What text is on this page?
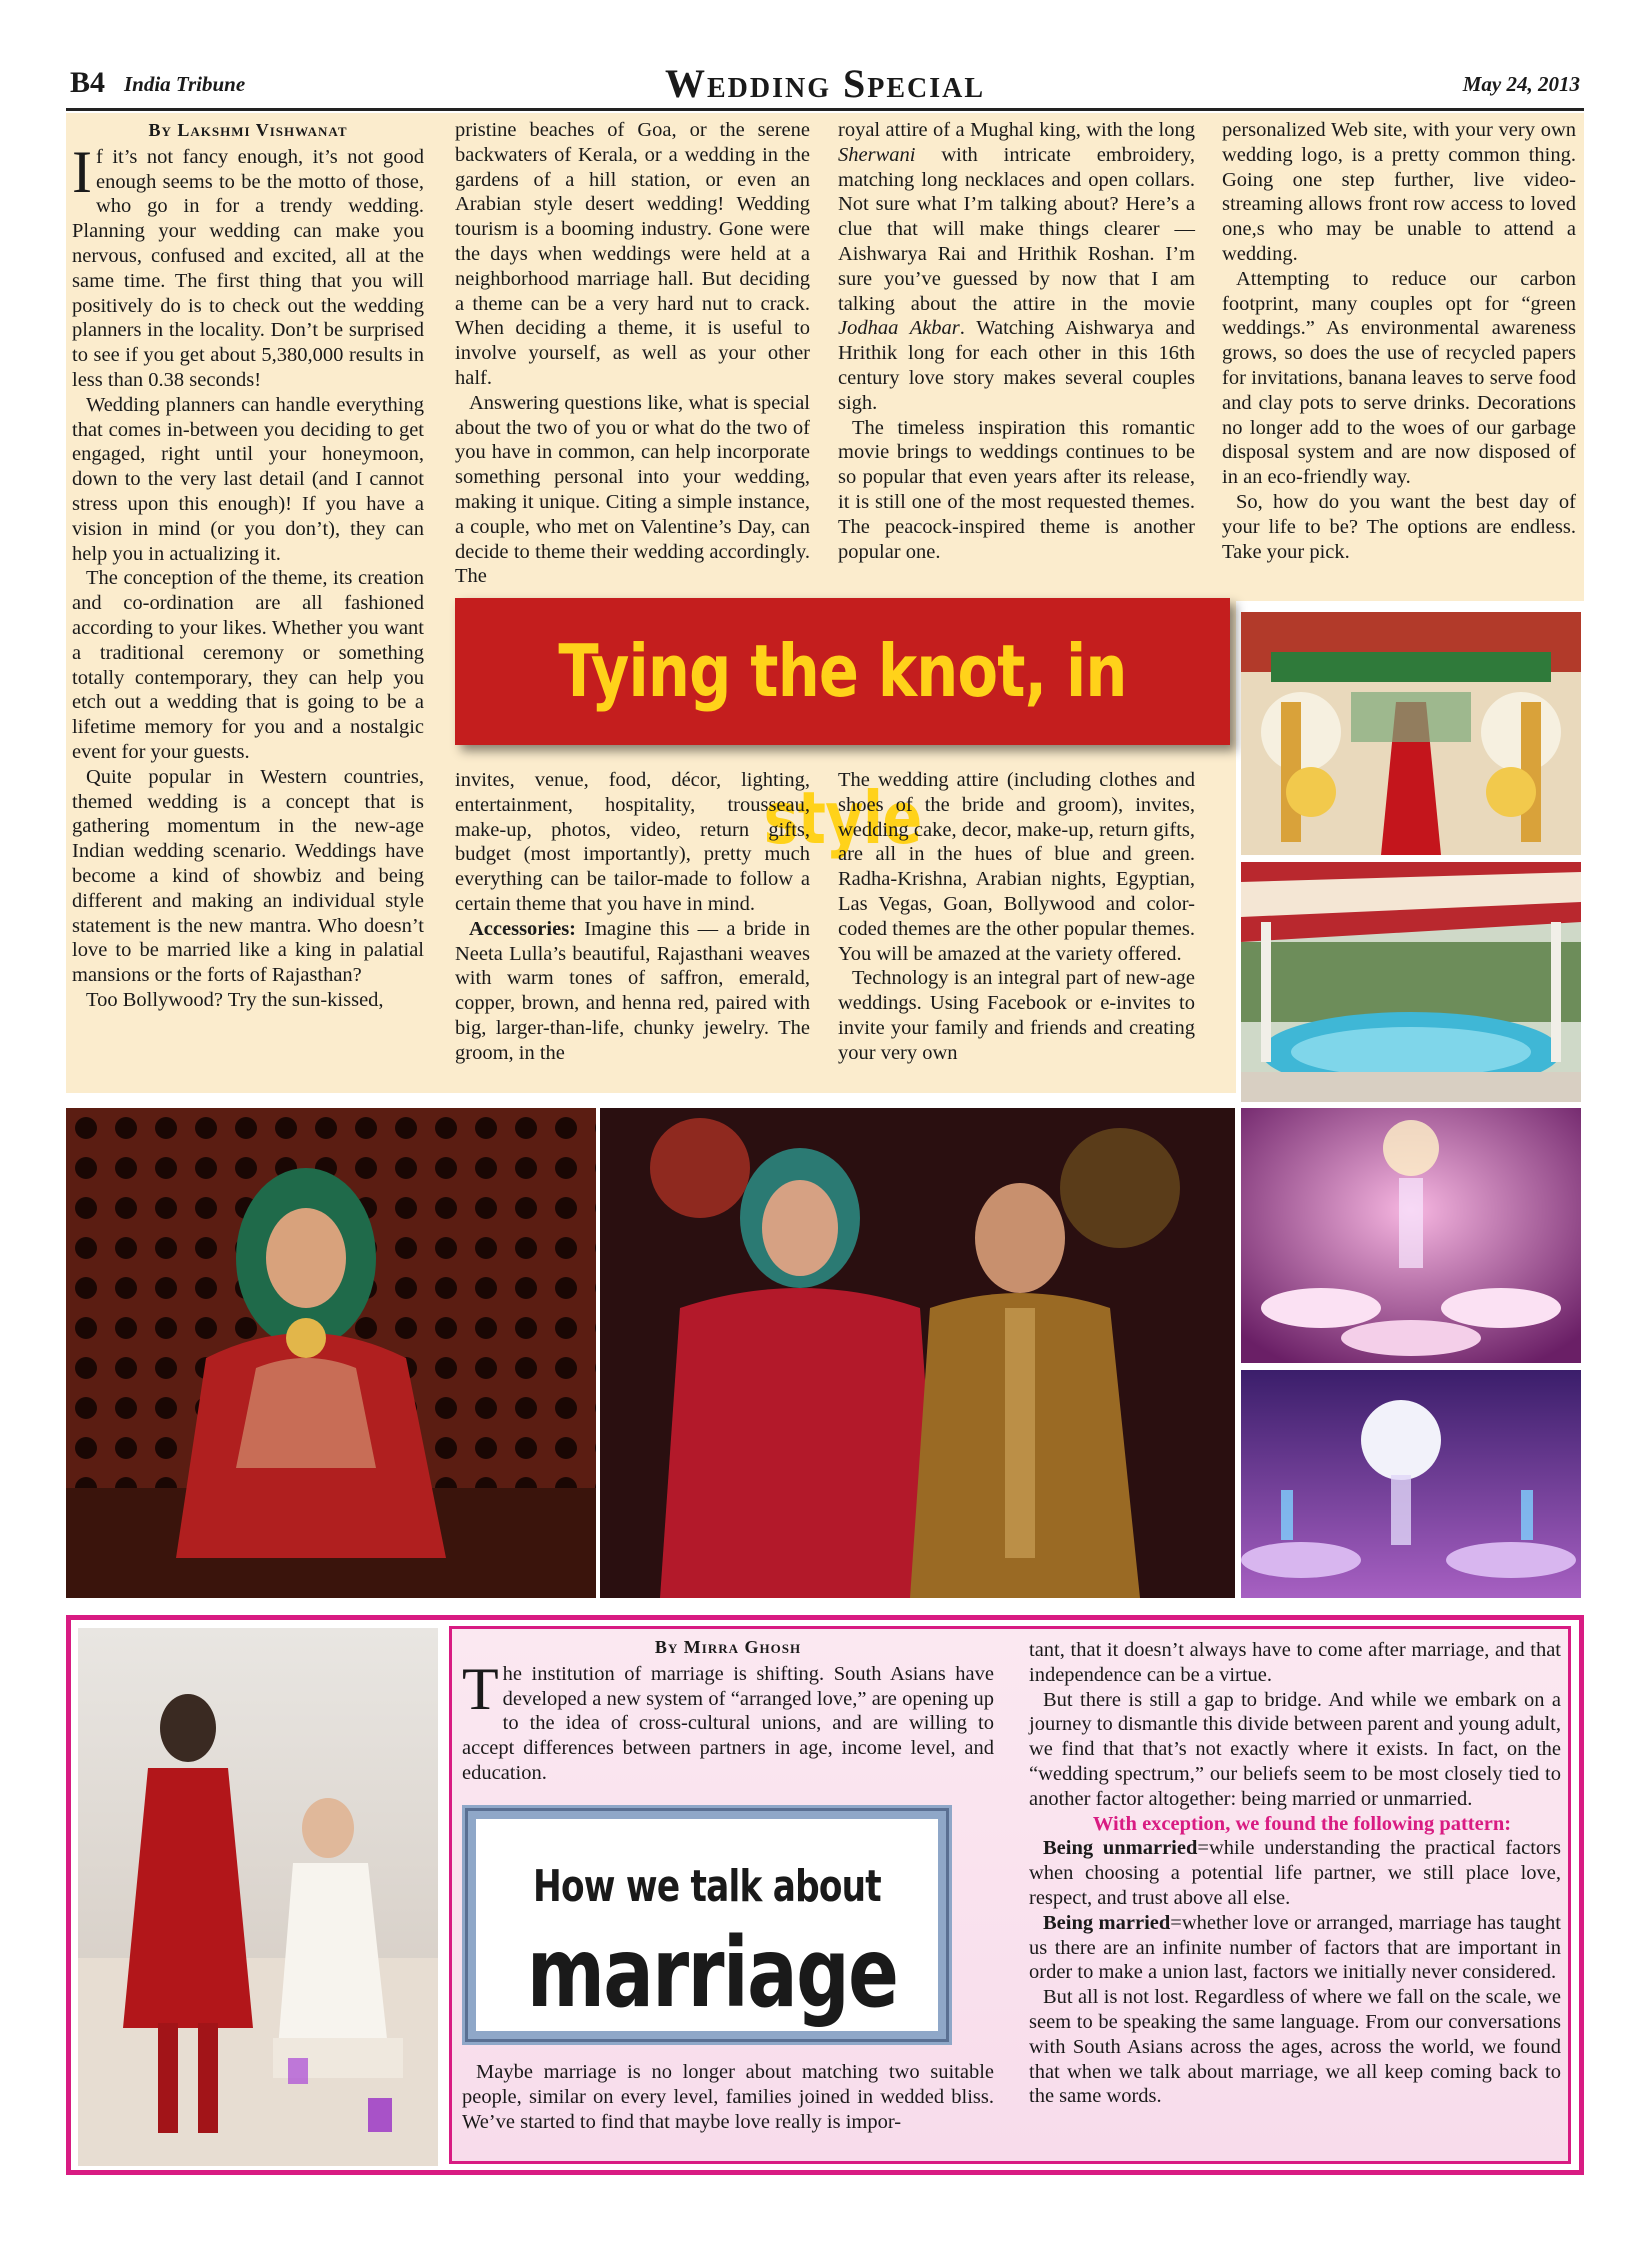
B4 India Tribune	Wedding Special	May 24, 2013
By Lakshmi Vishwanat

If it’s not fancy enough, it’s not good enough seems to be the motto of those, who go in for a trendy wedding. Planning your wedding can make you nervous, confused and excited, all at the same time. The first thing that you will positively do is to check out the wedding planners in the locality. Don’t be surprised to see if you get about 5,380,000 results in less than 0.38 seconds!

Wedding planners can handle everything that comes in-between you deciding to get engaged, right until your honeymoon, down to the very last detail (and I cannot stress upon this enough)! If you have a vision in mind (or you don’t), they can help you in actualizing it.

The conception of the theme, its creation and co-ordination are all fashioned according to your likes. Whether you want a traditional ceremony or something totally contemporary, they can help you etch out a wedding that is going to be a lifetime memory for you and a nostalgic event for your guests.

Quite popular in Western countries, themed wedding is a concept that is gathering momentum in the new-age Indian wedding scenario. Weddings have become a kind of showbiz and being different and making an individual style statement is the new mantra. Who doesn’t love to be married like a king in palatial mansions or the forts of Rajasthan?

Too Bollywood? Try the sun-kissed,

pristine beaches of Goa, or the serene backwaters of Kerala, or a wedding in the gardens of a hill station, or even an Arabian style desert wedding! Wedding tourism is a booming industry. Gone were the days when weddings were held at a neighborhood marriage hall. But deciding a theme can be a very hard nut to crack. When deciding a theme, it is useful to involve yourself, as well as your other half.

Answering questions like, what is special about the two of you or what do the two of you have in common, can help incorporate something personal into your wedding, making it unique. Citing a simple instance, a couple, who met on Valentine’s Day, can decide to theme their wedding accordingly. The

royal attire of a Mughal king, with the long Sherwani with intricate embroidery, matching long necklaces and open collars. Not sure what I’m talking about? Here’s a clue that will make things clearer — Aishwarya Rai and Hrithik Roshan. I’m sure you’ve guessed by now that I am talking about the attire in the movie Jodhaa Akbar. Watching Aishwarya and Hrithik long for each other in this 16th century love story makes several couples sigh.

The timeless inspiration this romantic movie brings to weddings continues to be so popular that even years after its release, it is still one of the most requested themes. The peacock-inspired theme is another popular one.

personalized Web site, with your very own wedding logo, is a pretty common thing. Going one step further, live video-streaming allows front row access to loved one,s who may be unable to attend a wedding.

Attempting to reduce our carbon footprint, many couples opt for “green weddings.” As environmental awareness grows, so does the use of recycled papers for invitations, banana leaves to serve food and clay pots to serve drinks. Decorations no longer add to the woes of our garbage disposal system and are now disposed of in an eco-friendly way.

So, how do you want the best day of your life to be? The options are endless. Take your pick.

Tying the knot, in style

invites, venue, food, décor, lighting, entertainment, hospitality, trousseau, make-up, photos, video, return gifts, budget (most importantly), pretty much everything can be tailor-made to follow a certain theme that you have in mind.

Accessories: Imagine this — a bride in Neeta Lulla’s beautiful, Rajasthani weaves with warm tones of saffron, emerald, copper, brown, and henna red, paired with big, larger-than-life, chunky jewelry. The groom, in the

The wedding attire (including clothes and shoes of the bride and groom), invites, wedding cake, decor, make-up, return gifts, are all in the hues of blue and green. Radha-Krishna, Arabian nights, Egyptian, Las Vegas, Goan, Bollywood and color-coded themes are the other popular themes. You will be amazed at the variety offered.

Technology is an integral part of new-age weddings. Using Facebook or e-invites to invite your family and friends and creating your very own

By Mirra Ghosh

The institution of marriage is shifting. South Asians have developed a new system of “arranged love,” are opening up to the idea of cross-cultural unions, and are willing to accept differences between partners in age, income level, and education.

How we talk about
marriage

Maybe marriage is no longer about matching two suitable people, similar on every level, families joined in wedded bliss. We’ve started to find that maybe love really is impor-

tant, that it doesn’t always have to come after marriage, and that independence can be a virtue.

But there is still a gap to bridge. And while we embark on a journey to dismantle this divide between parent and young adult, we find that that’s not exactly where it exists. In fact, on the “wedding spectrum,” our beliefs seem to be most closely tied to another factor altogether: being married or unmarried.

With exception, we found the following pattern:

Being unmarried=while understanding the practical factors when choosing a potential life partner, we still place love, respect, and trust above all else.

Being married=whether love or arranged, marriage has taught us there are an infinite number of factors that are important in order to make a union last, factors we initially never considered.

But all is not lost. Regardless of where we fall on the scale, we seem to be speaking the same language. From our conversations with South Asians across the ages, across the world, we found that when we talk about marriage, we all keep coming back to the same words.
